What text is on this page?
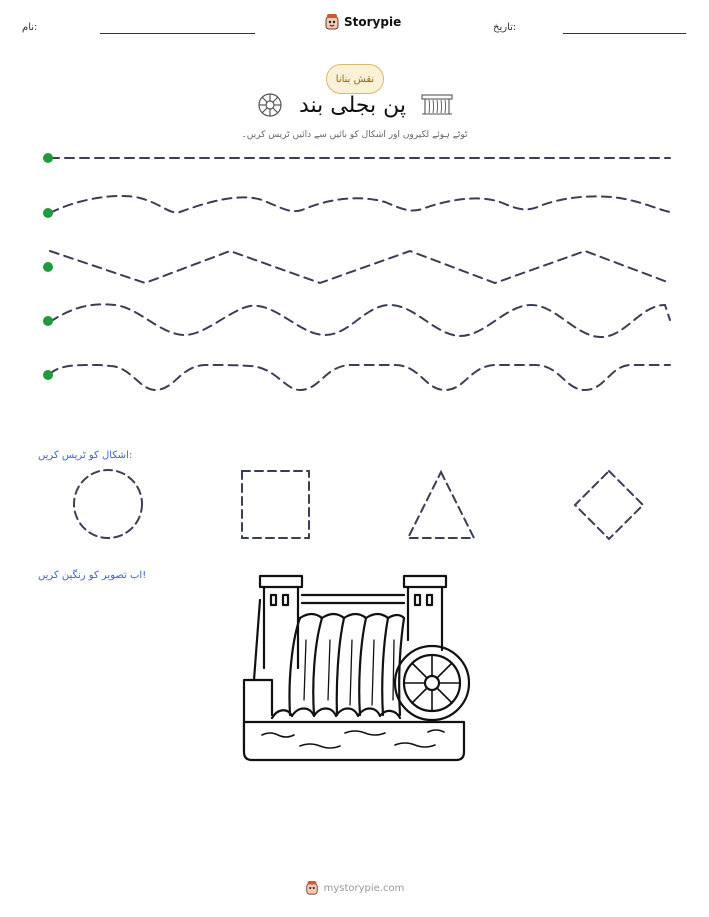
نام:	Storypie	تاریخ:
نقش بنانا
پن بجلی بند
ٹوٹے ہوئے لکیروں اور اشکال کو بائیں سے دائیں ٹریس کریں۔
اشکال کو ٹریس کریں:
اب تصویر کو رنگین کریں!
mystorypie.com
